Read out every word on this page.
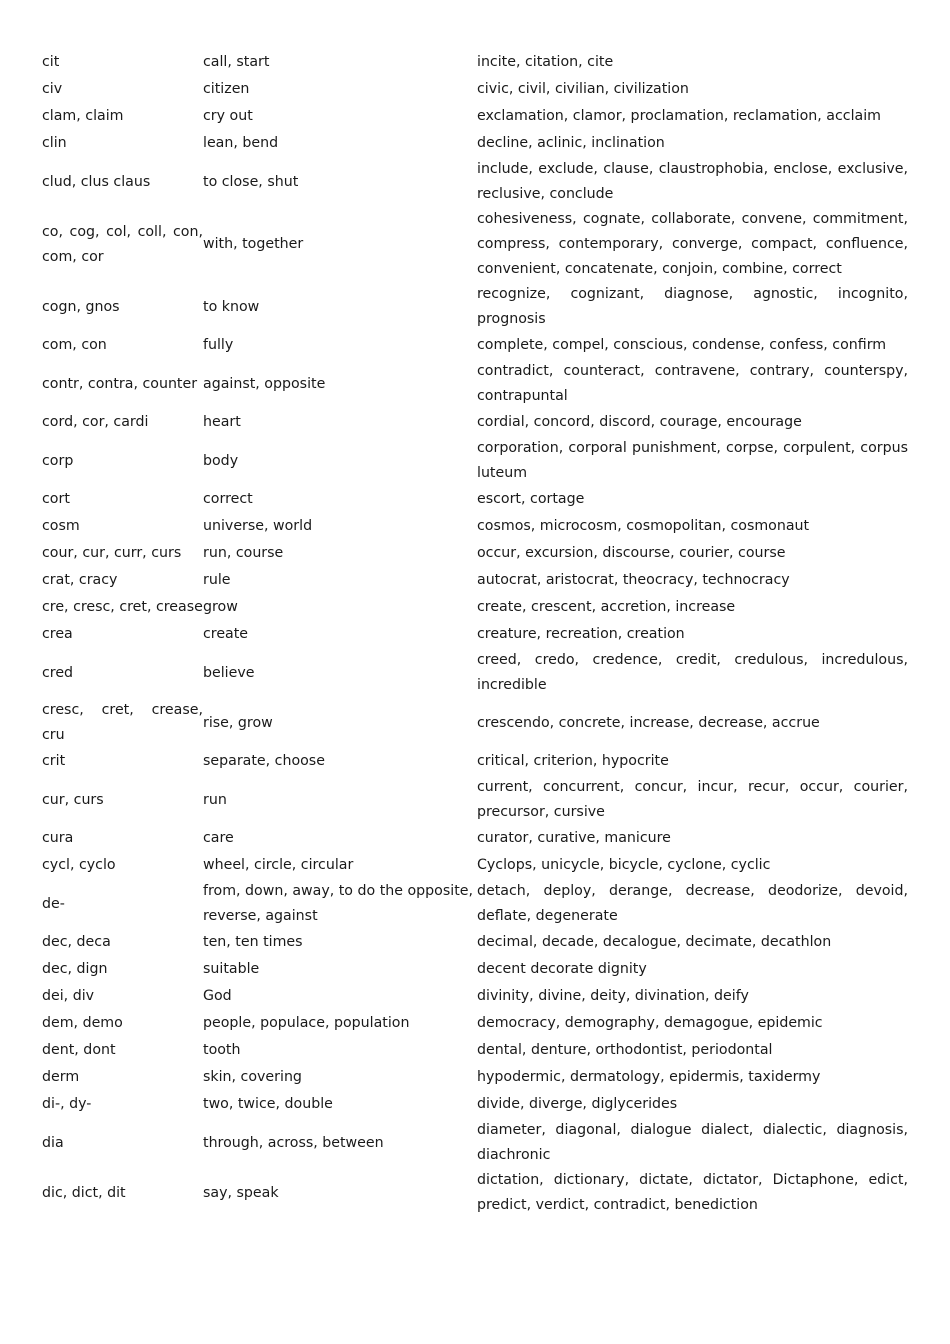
cit	call, start	incite, citation, cite
civ	citizen	civic, civil, civilian, civilization
clam, claim	cry out	exclamation, clamor, proclamation, reclamation, acclaim
clin	lean, bend	decline, aclinic, inclination
clud, clus claus	to close, shut	include, exclude, clause, claustrophobia, enclose, exclusive, reclusive, conclude
co, cog, col, coll, con, com, cor	with, together	cohesiveness, cognate, collaborate, convene, commitment, compress, contemporary, converge, compact, confluence, convenient, concatenate, conjoin, combine, correct
cogn, gnos	to know	recognize, cognizant, diagnose, agnostic, incognito, prognosis
com, con	fully	complete, compel, conscious, condense, confess, confirm
contr, contra, counter	against, opposite	contradict, counteract, contravene, contrary, counterspy, contrapuntal
cord, cor, cardi	heart	cordial, concord, discord, courage, encourage
corp	body	corporation, corporal punishment, corpse, corpulent, corpus luteum
cort	correct	escort, cortage
cosm	universe, world	cosmos, microcosm, cosmopolitan, cosmonaut
cour, cur, curr, curs	run, course	occur, excursion, discourse, courier, course
crat, cracy	rule	autocrat, aristocrat, theocracy, technocracy
cre, cresc, cret, crease	grow	create, crescent, accretion, increase
crea	create	creature, recreation, creation
cred	believe	creed, credo, credence, credit, credulous, incredulous, incredible
cresc, cret, crease, cru	rise, grow	crescendo, concrete, increase, decrease, accrue
crit	separate, choose	critical, criterion, hypocrite
cur, curs	run	current, concurrent, concur, incur, recur, occur, courier, precursor, cursive
cura	care	curator, curative, manicure
cycl, cyclo	wheel, circle, circular	Cyclops, unicycle, bicycle, cyclone, cyclic
de-	from, down, away, to do the opposite, reverse, against	detach, deploy, derange, decrease, deodorize, devoid, deflate, degenerate
dec, deca	ten, ten times	decimal, decade, decalogue, decimate, decathlon
dec, dign	suitable	decent decorate dignity
dei, div	God	divinity, divine, deity, divination, deify
dem, demo	people, populace, population	democracy, demography, demagogue, epidemic
dent, dont	tooth	dental, denture, orthodontist, periodontal
derm	skin, covering	hypodermic, dermatology, epidermis, taxidermy
di-, dy-	two, twice, double	divide, diverge, diglycerides
dia	through, across, between	diameter, diagonal, dialogue dialect, dialectic, diagnosis, diachronic
dic, dict, dit	say, speak	dictation, dictionary, dictate, dictator, Dictaphone, edict, predict, verdict, contradict, benediction
